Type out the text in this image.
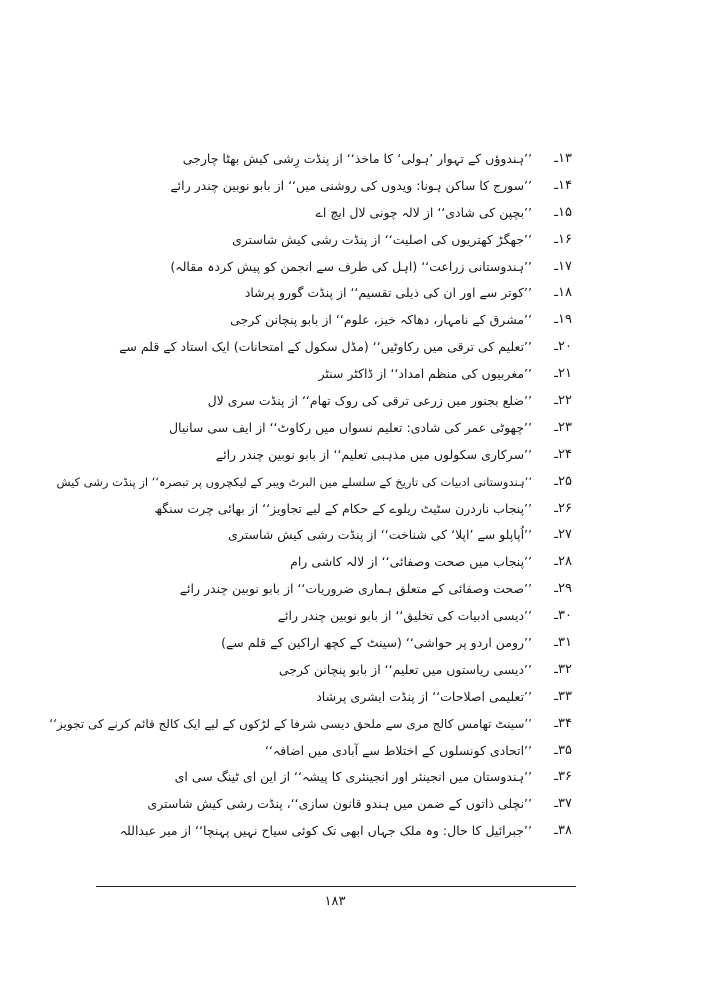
۱۳ـ
’’ہندوؤں کے تہوار ’ہولی‘ کا ماخذ‘‘ از پنڈت رِشی کیش بھٹا چارجی
۱۴ـ
’’سورج کا ساکن ہونا: ویدوں کی روشنی میں‘‘ از بابو نوبین چندر رائے
۱۵ـ
’’بچپن کی شادی‘‘ از لالہ چونی لال ایچ اے
۱۶ـ
’’جھگڑ کھتریوں کی اصلیت‘‘ از پنڈت رشی کیش شاستری
۱۷ـ
’’ہندوستانی زراعت‘‘ (اہل کی طرف سے انجمن کو پیش کردہ مقالہ)
۱۸ـ
’’کوتر سے اور ان کی ذیلی تقسیم‘‘ از پنڈت گورو پرشاد
۱۹ـ
’’مشرق کے نامہار، دھاکہ خیز، علوم‘‘ از بابو پنچانن کرجی
۲۰ـ
’’تعلیم کی ترقی میں رکاوٹیں‘‘ (مڈل سکول کے امتحانات) ایک استاد کے قلم سے
۲۱ـ
’’مغربیوں کی منظم امداد‘‘ از ڈاکٹر سنٹر
۲۲ـ
’’ضلع بجنور میں زرعی ترقی کی روک تھام‘‘ از پنڈت سری لال
۲۳ـ
’’چھوٹی عمر کی شادی: تعلیم نسواں میں رکاوٹ‘‘ از ایف سی سانیال
۲۴ـ
’’سرکاری سکولوں میں مذہبی تعلیم‘‘ از بابو نوبین چندر رائے
۲۵ـ
’’ہندوستانی ادبیات کی تاریخ کے سلسلے میں البرٹ ویبر کے لیکچروں پر تبصرہ‘‘ از پنڈت رشی کیش
۲۶ـ
’’پنجاب ناردرن سٹیٹ ریلوے کے حکام کے لیے تجاویز‘‘ از بھائی چرت سنگھ
۲۷ـ
’’اُپاپلو سے ’اپلا‘ کی شناخت‘‘ از پنڈت رشی کیش شاستری
۲۸ـ
’’پنجاب میں صحت وصفائی‘‘ از لالہ کاشی رام
۲۹ـ
’’صحت وصفائی کے متعلق ہماری ضروریات‘‘ از بابو نوبین چندر رائے
۳۰ـ
’’دیسی ادبیات کی تخلیق‘‘ از بابو نوبین چندر رائے
۳۱ـ
’’رومن اردو پر حواشی‘‘ (سینٹ کے کچھ اراکین کے قلم سے)
۳۲ـ
’’دیسی ریاستوں میں تعلیم‘‘ از بابو پنچانن کرجی
۳۳ـ
’’تعلیمی اصلاحات‘‘ از پنڈت ایشری پرشاد
۳۴ـ
’’سینٹ تھامس کالج مری سے ملحق دیسی شرفا کے لڑکوں کے لیے ایک کالج قائم کرنے کی تجویز‘‘
۳۵ـ
’’اتحادی کونسلوں کے اختلاط سے آبادی میں اضافہ‘‘
۳۶ـ
’’ہندوستان میں انجینئر اور انجینئری کا پیشہ‘‘ از این ای ٹینگ سی ای
۳۷ـ
’’نچلی ذاتوں کے ضمن میں ہندو قانون سازی‘‘، پنڈت رشی کیش شاستری
۳۸ـ
’’جبرائیل کا حال: وہ ملک جہاں ابھی تک کوئی سیاح نہیں پہنچا‘‘ از میر عبداللہ
۱۸۳
